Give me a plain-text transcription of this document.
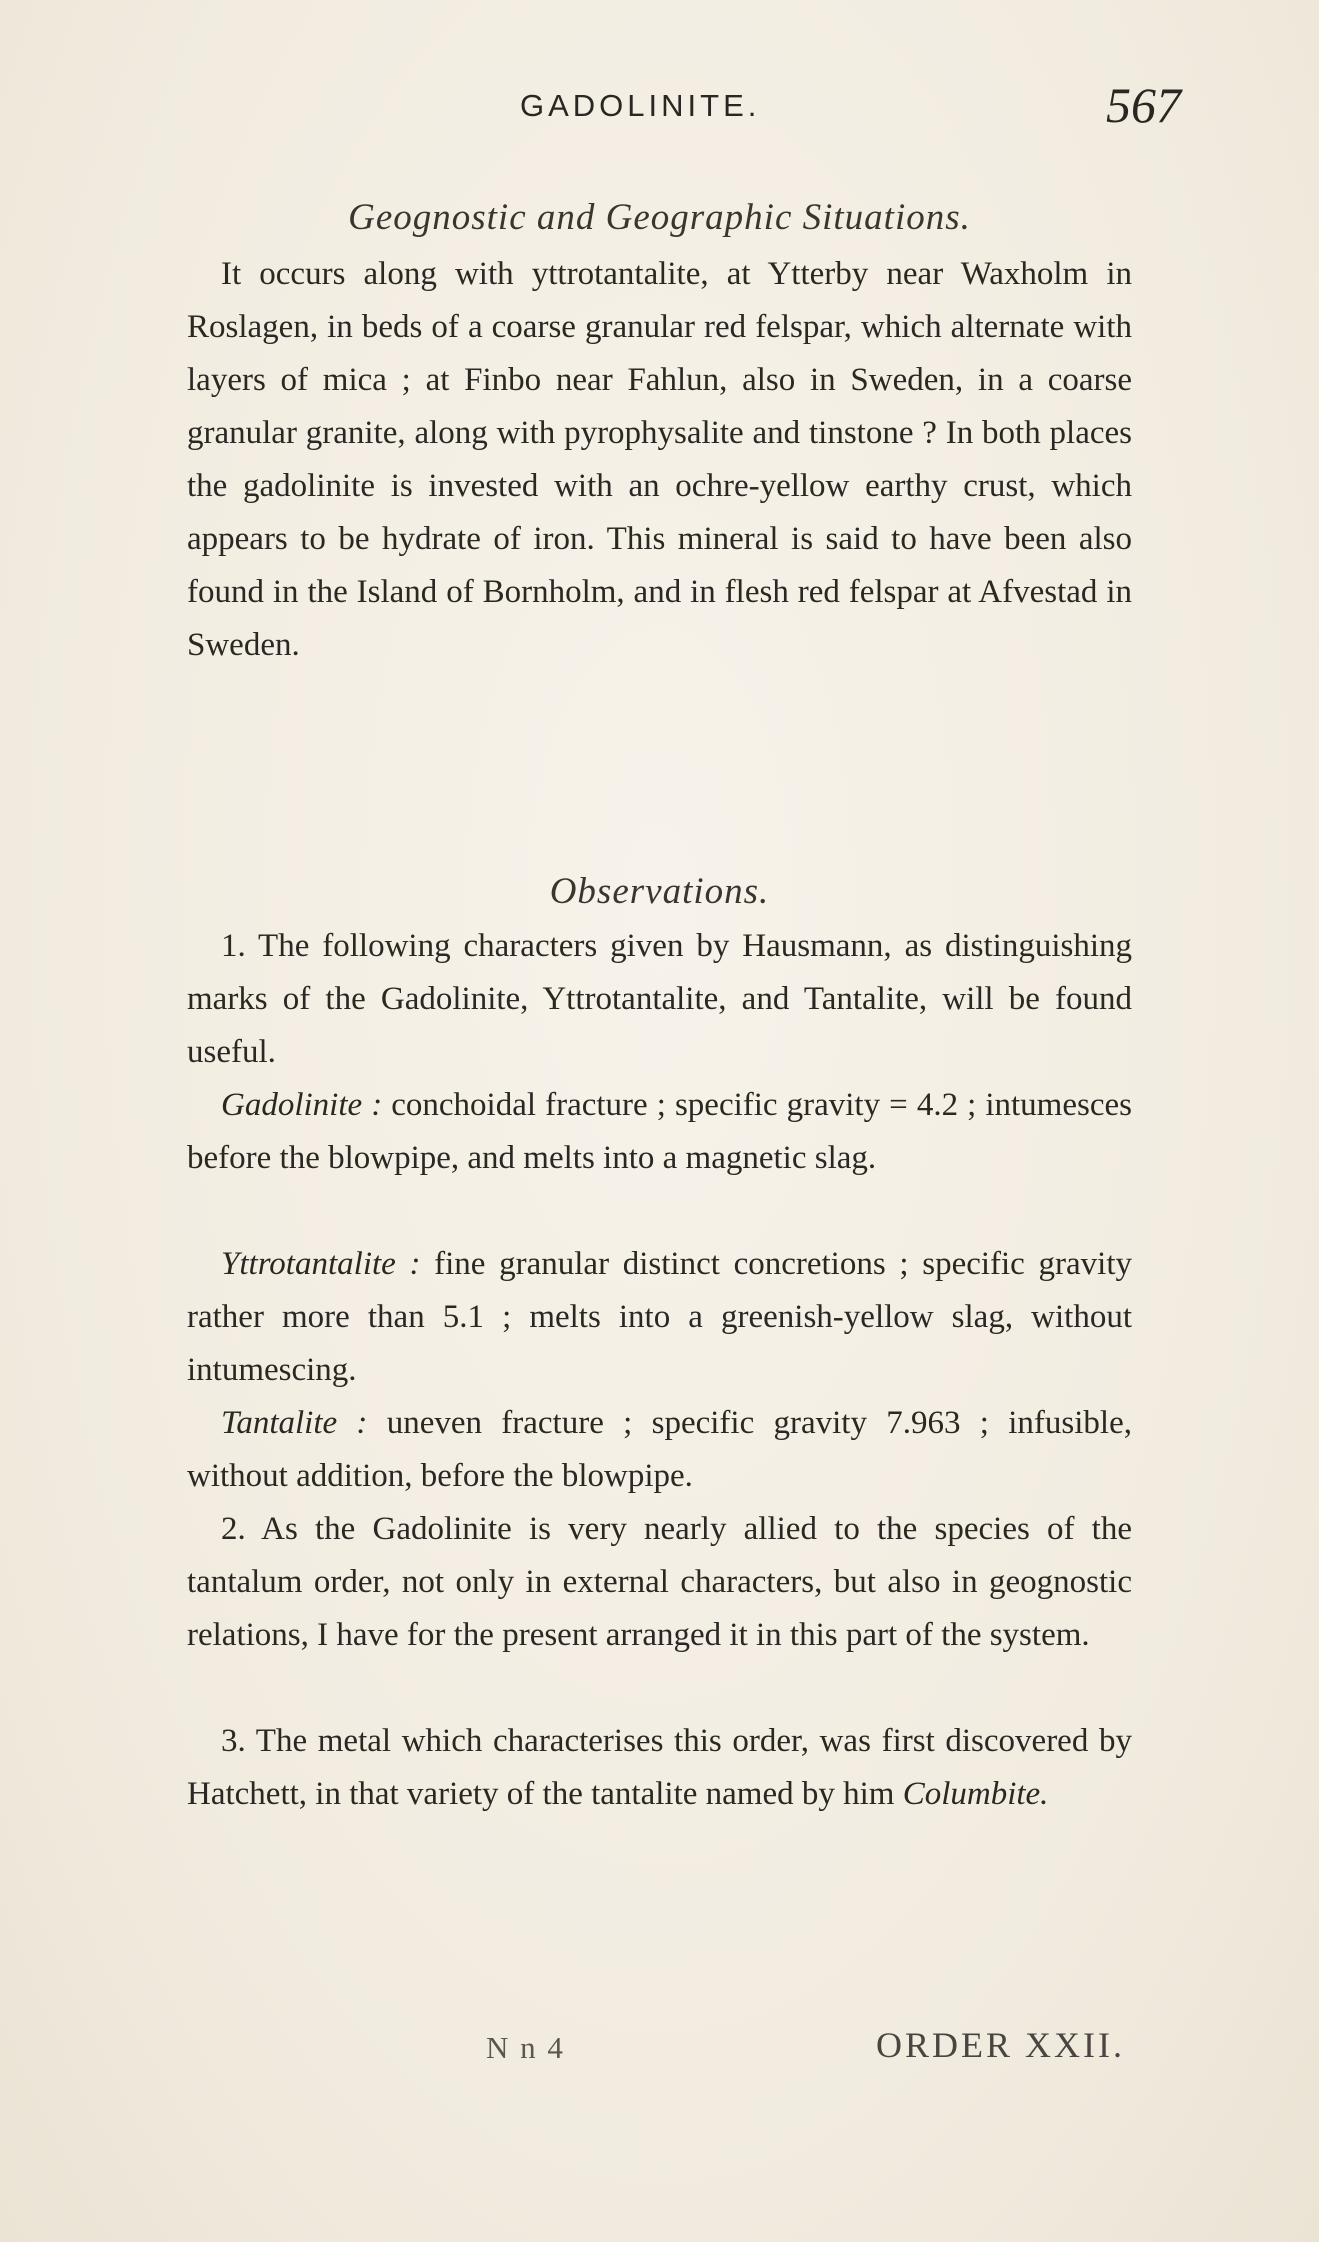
GADOLINITE.	567
Geognostic and Geographic Situations.

It occurs along with yttrotantalite, at Ytterby near Waxholm in Roslagen, in beds of a coarse granular red felspar, which alternate with layers of mica ; at Finbo near Fahlun, also in Sweden, in a coarse granular granite, along with pyrophysalite and tinstone ? In both places the gadolinite is invested with an ochre-yellow earthy crust, which appears to be hydrate of iron. This mineral is said to have been also found in the Island of Bornholm, and in flesh red felspar at Afvestad in Sweden.

Observations.

1. The following characters given by Hausmann, as distinguishing marks of the Gadolinite, Yttrotantalite, and Tantalite, will be found useful.

Gadolinite : conchoidal fracture ; specific gravity = 4.2 ; intumesces before the blowpipe, and melts into a magnetic slag.

Yttrotantalite : fine granular distinct concretions ; specific gravity rather more than 5.1 ; melts into a greenish-yellow slag, without intumescing.

Tantalite : uneven fracture ; specific gravity 7.963 ; infusible, without addition, before the blowpipe.

2. As the Gadolinite is very nearly allied to the species of the tantalum order, not only in external characters, but also in geognostic relations, I have for the present arranged it in this part of the system.

3. The metal which characterises this order, was first discovered by Hatchett, in that variety of the tantalite named by him Columbite.

N n 4	ORDER XXII.
